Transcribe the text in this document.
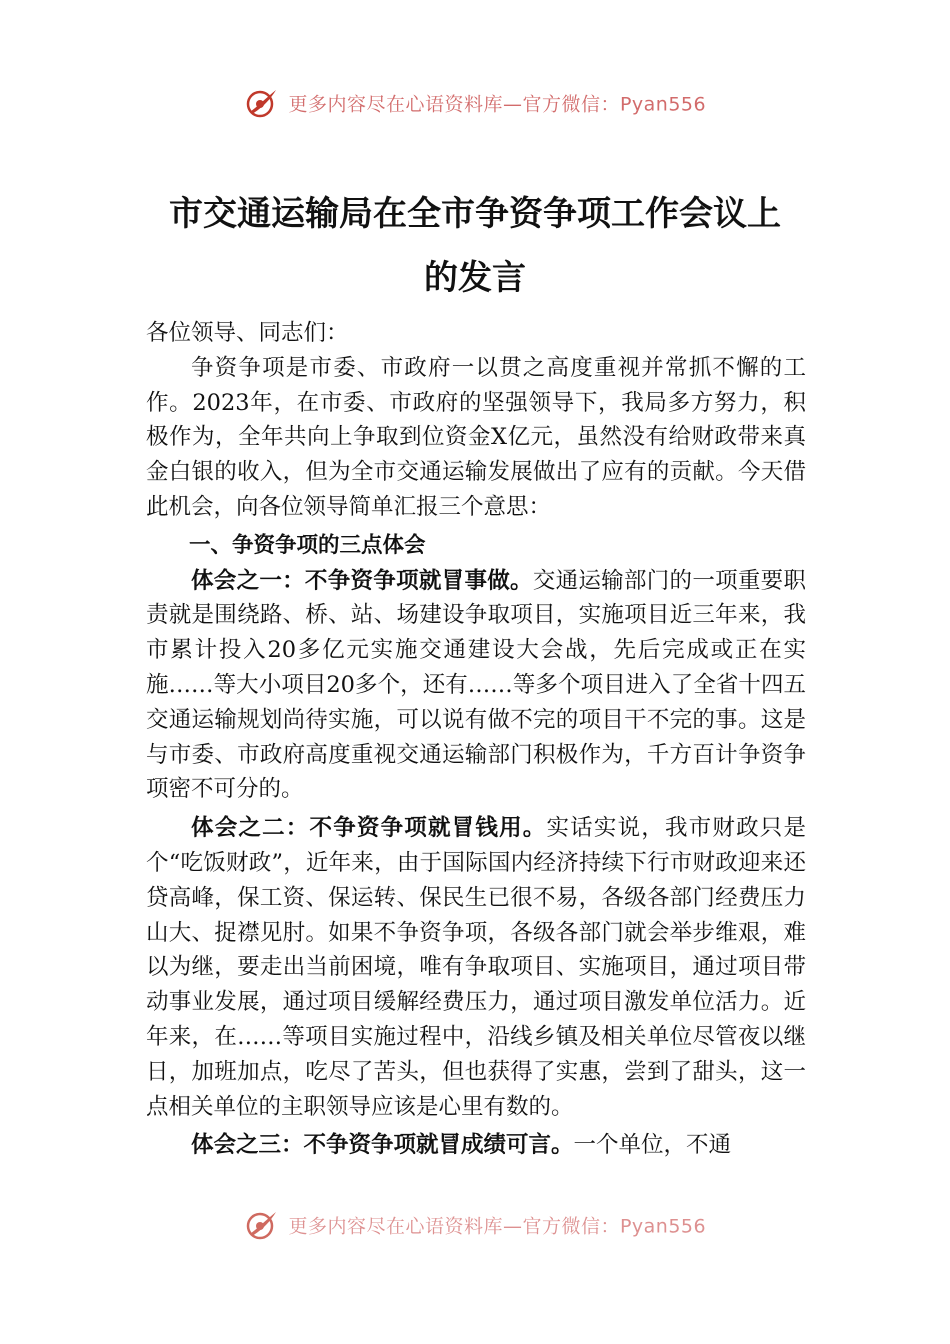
更多内容尽在心语资料库—官方微信：Pyan556
市交通运输局在全市争资争项工作会议上
的发言

各位领导、同志们：

争资争项是市委、市政府一以贯之高度重视并常抓不懈的工作。2023年，在市委、市政府的坚强领导下，我局多方努力，积极作为，全年共向上争取到位资金X亿元，虽然没有给财政带来真金白银的收入，但为全市交通运输发展做出了应有的贡献。今天借此机会，向各位领导简单汇报三个意思：

一、争资争项的三点体会

体会之一：不争资争项就冒事做。交通运输部门的一项重要职责就是围绕路、桥、站、场建设争取项目，实施项目近三年来，我市累计投入20多亿元实施交通建设大会战，先后完成或正在实施……等大小项目20多个，还有……等多个项目进入了全省十四五交通运输规划尚待实施，可以说有做不完的项目干不完的事。这是与市委、市政府高度重视交通运输部门积极作为，千方百计争资争项密不可分的。

体会之二：不争资争项就冒钱用。实话实说，我市财政只是个“吃饭财政”，近年来，由于国际国内经济持续下行市财政迎来还贷高峰，保工资、保运转、保民生已很不易，各级各部门经费压力山大、捉襟见肘。如果不争资争项，各级各部门就会举步维艰，难以为继，要走出当前困境，唯有争取项目、实施项目，通过项目带动事业发展，通过项目缓解经费压力，通过项目激发单位活力。近年来，在……等项目实施过程中，沿线乡镇及相关单位尽管夜以继日，加班加点，吃尽了苦头，但也获得了实惠，尝到了甜头，这一点相关单位的主职领导应该是心里有数的。

体会之三：不争资争项就冒成绩可言。一个单位，不通

更多内容尽在心语资料库—官方微信：Pyan556
